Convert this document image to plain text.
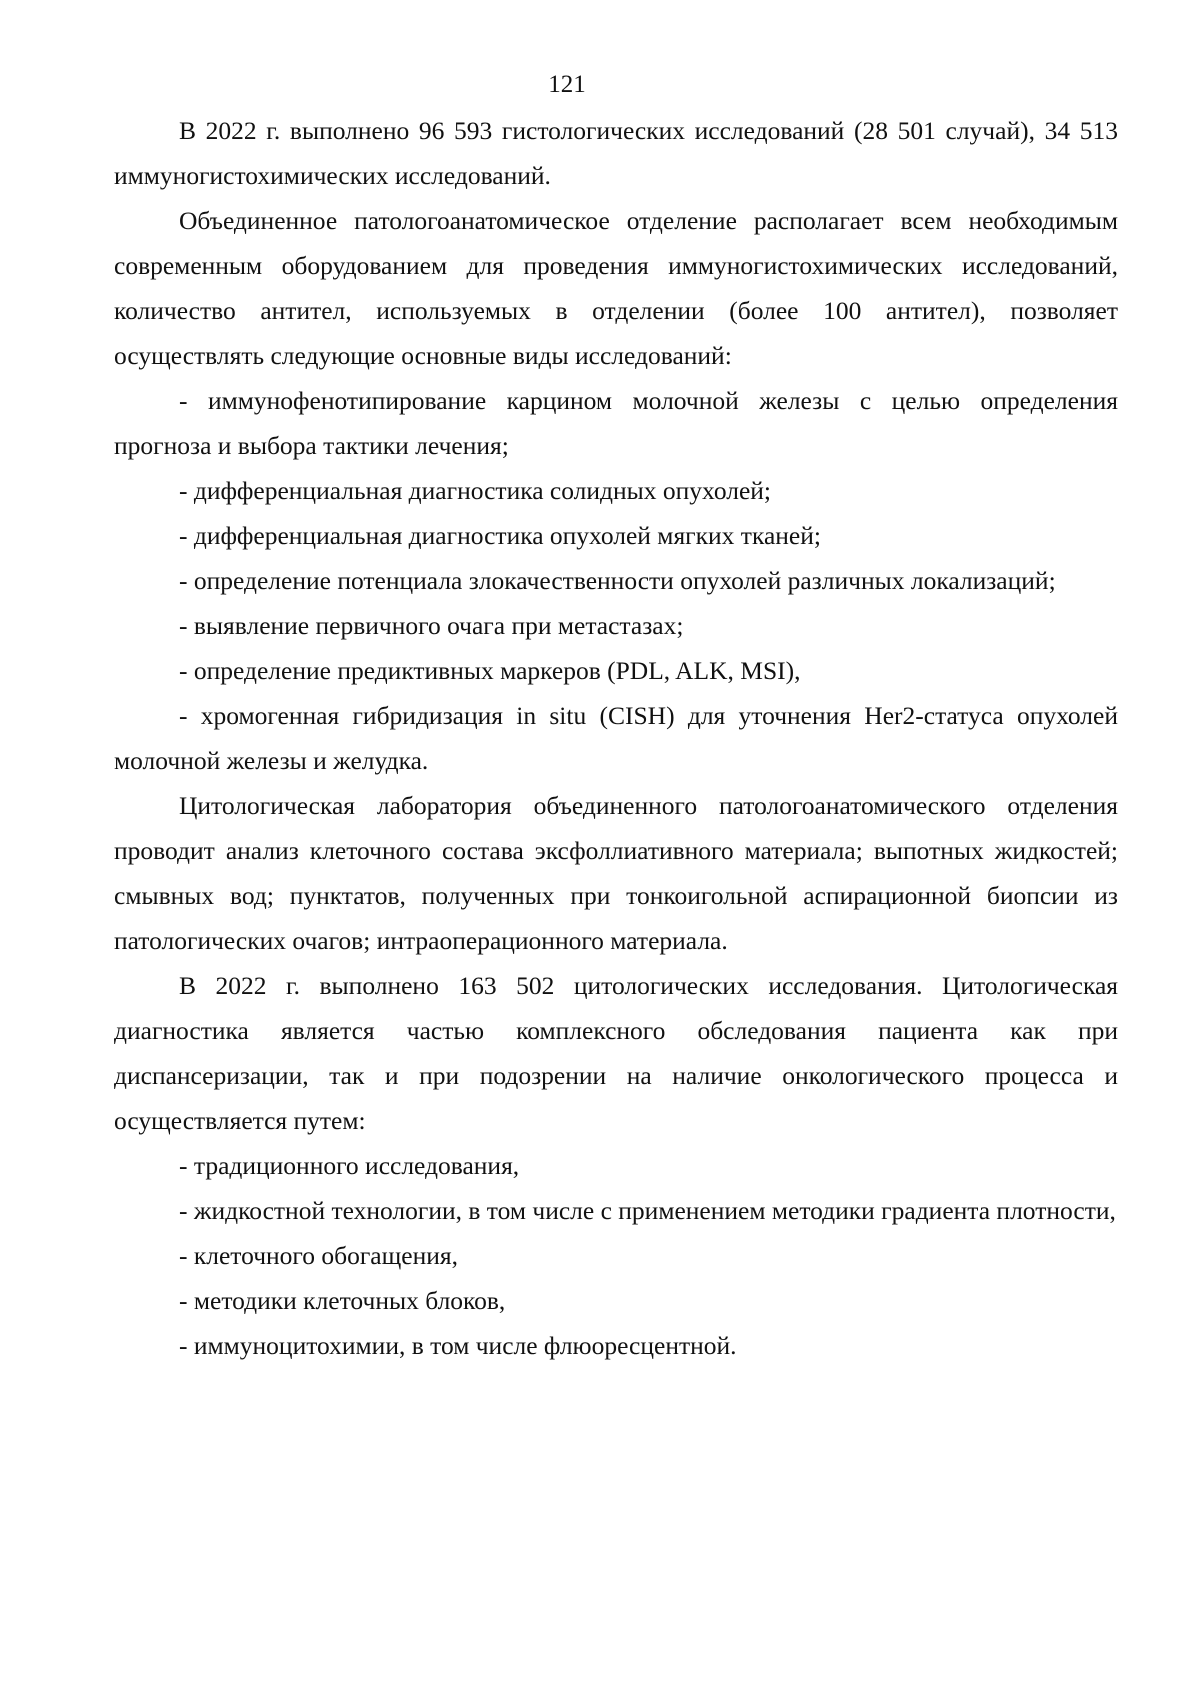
121

В 2022 г. выполнено 96 593 гистологических исследований (28 501 случай), 34 513 иммуногистохимических исследований.

Объединенное патологоанатомическое отделение располагает всем необходимым современным оборудованием для проведения иммуногистохимических исследований, количество антител, используемых в отделении (более 100 антител), позволяет осуществлять следующие основные виды исследований:

- иммунофенотипирование карцином молочной железы с целью определения прогноза и выбора тактики лечения;

- дифференциальная диагностика солидных опухолей;

- дифференциальная диагностика опухолей мягких тканей;

- определение потенциала злокачественности опухолей различных локализаций;

- выявление первичного очага при метастазах;

- определение предиктивных маркеров (PDL, ALK, MSI),

- хромогенная гибридизация in situ (CISH) для уточнения Her2-статуса опухолей молочной железы и желудка.

Цитологическая лаборатория объединенного патологоанатомического отделения проводит анализ клеточного состава эксфоллиативного материала; выпотных жидкостей; смывных вод; пунктатов, полученных при тонкоигольной аспирационной биопсии из патологических очагов; интраоперационного материала.

В 2022 г. выполнено 163 502 цитологических исследования. Цитологическая диагностика является частью комплексного обследования пациента как при диспансеризации, так и при подозрении на наличие онкологического процесса и осуществляется путем:

- традиционного исследования,

- жидкостной технологии, в том числе с применением методики градиента плотности,

- клеточного обогащения,

- методики клеточных блоков,

- иммуноцитохимии, в том числе флюоресцентной.
